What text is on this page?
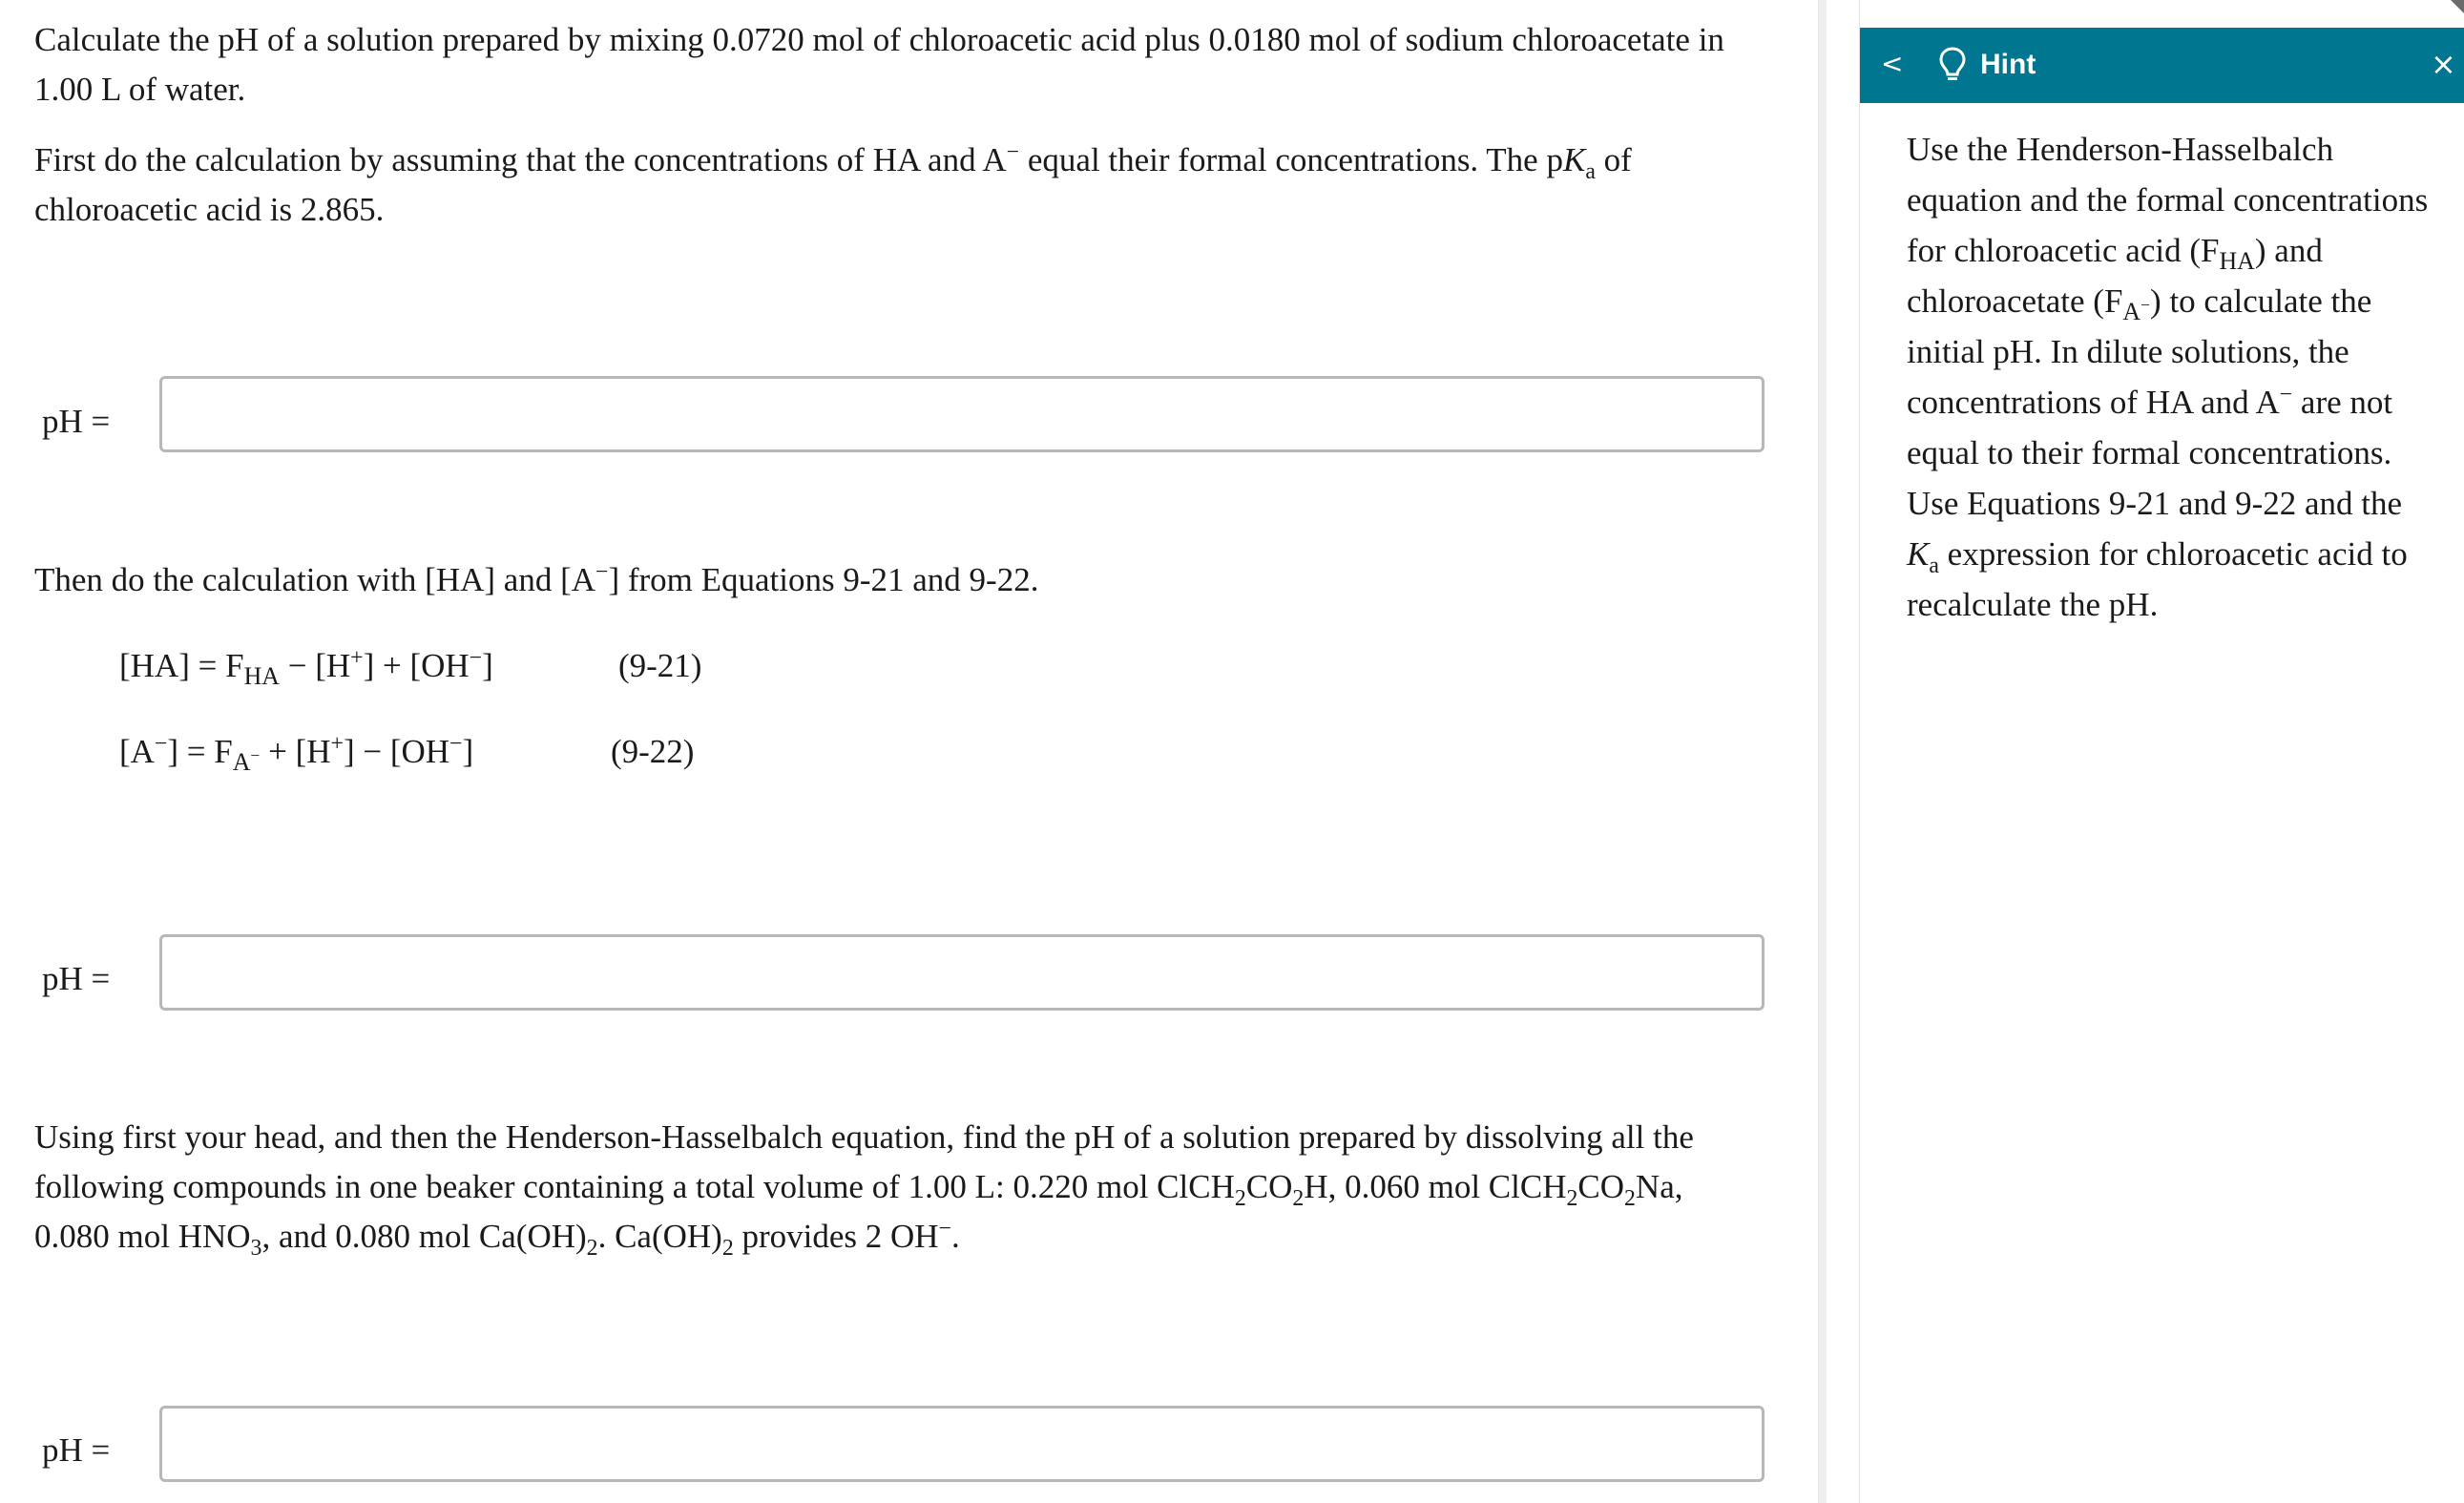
Calculate the pH of a solution prepared by mixing 0.0720 mol of chloroacetic acid plus 0.0180 mol of sodium chloroacetate in
1.00 L of water.

First do the calculation by assuming that the concentrations of HA and A− equal their formal concentrations. The $pK_a$ of
chloroacetic acid is 2.865.

pH =

Then do the calculation with [HA] and [A−] from Equations 9-21 and 9-22.

$[HA] = F_{HA} - [H^+] + [OH^-]$	(9-21)
$[A^-] = F_{A^-} + [H^+] - [OH^-]$	(9-22)
pH =

Using first your head, and then the Henderson-Hasselbalch equation, find the pH of a solution prepared by dissolving all the
following compounds in one beaker containing a total volume of 1.00 L: 0.220 mol $ClCH_2CO_2H$, 0.060 mol $ClCH_2CO_2Na$,
0.080 mol $HNO_3$, and 0.080 mol $Ca(OH)_2$. $Ca(OH)_2$ provides 2 OH−.

pH =
<	Hint	×

Use the Henderson-Hasselbalch
equation and the formal concentrations
for chloroacetic acid $(F_{HA})$ and
chloroacetate $(F_{A^-})$ to calculate the
initial pH. In dilute solutions, the
concentrations of HA and A− are not
equal to their formal concentrations.
Use Equations 9-21 and 9-22 and the
$K_a$ expression for chloroacetic acid to
recalculate the pH.
